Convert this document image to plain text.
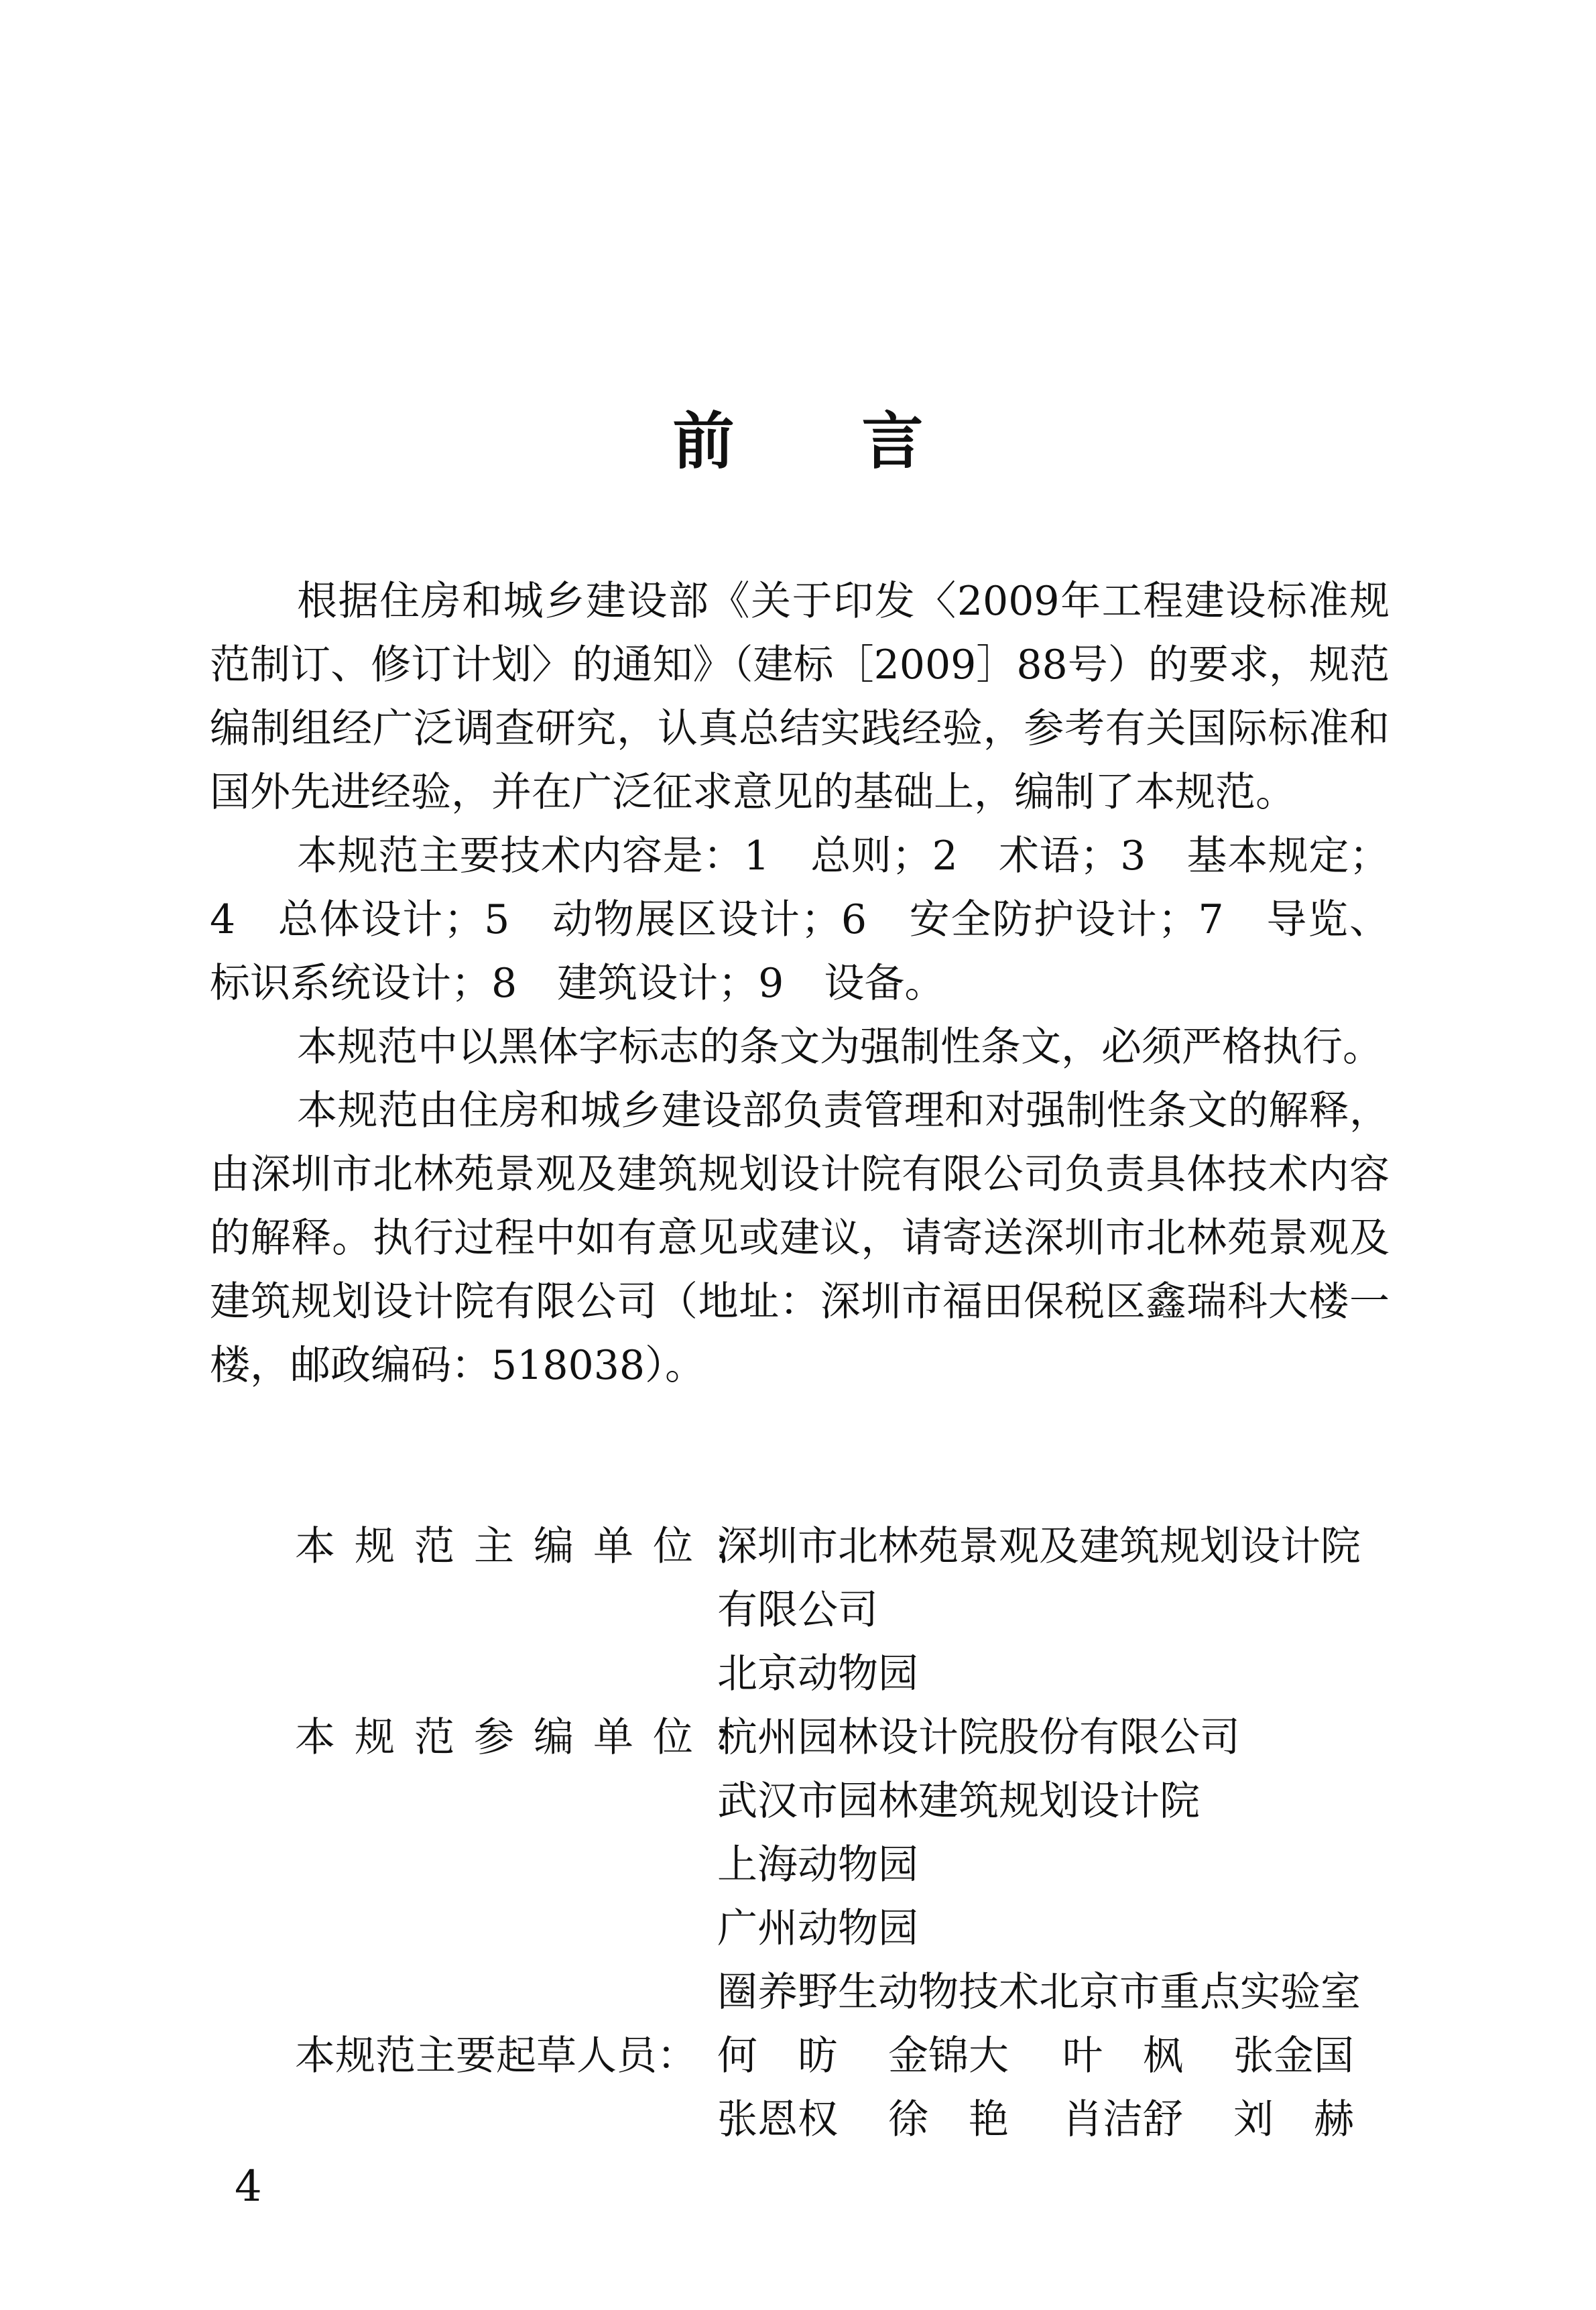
前 言

根据住房和城乡建设部《关于印发〈2009年工程建设标准规范制订、修订计划〉的通知》（建标［2009］88号）的要求，规范编制组经广泛调查研究，认真总结实践经验，参考有关国际标准和国外先进经验，并在广泛征求意见的基础上，编制了本规范。

本规范主要技术内容是：1　总则；2　术语；3　基本规定；4　总体设计；5　动物展区设计；6　安全防护设计；7　导览、标识系统设计；8　建筑设计；9　设备。

本规范中以黑体字标志的条文为强制性条文，必须严格执行。

本规范由住房和城乡建设部负责管理和对强制性条文的解释，由深圳市北林苑景观及建筑规划设计院有限公司负责具体技术内容的解释。执行过程中如有意见或建议，请寄送深圳市北林苑景观及建筑规划设计院有限公司（地址：深圳市福田保税区鑫瑞科大楼一楼，邮政编码：518038）。

本规范主编单位：
深圳市北林苑景观及建筑规划设计院
有限公司
北京动物园
本规范参编单位：
杭州园林设计院股份有限公司
武汉市园林建筑规划设计院
上海动物园
广州动物园
圈养野生动物技术北京市重点实验室
本规范主要起草人员： 何　昉	金锦大	叶　枫	张金国
张恩权	徐　艳	肖洁舒	刘　赫
4
